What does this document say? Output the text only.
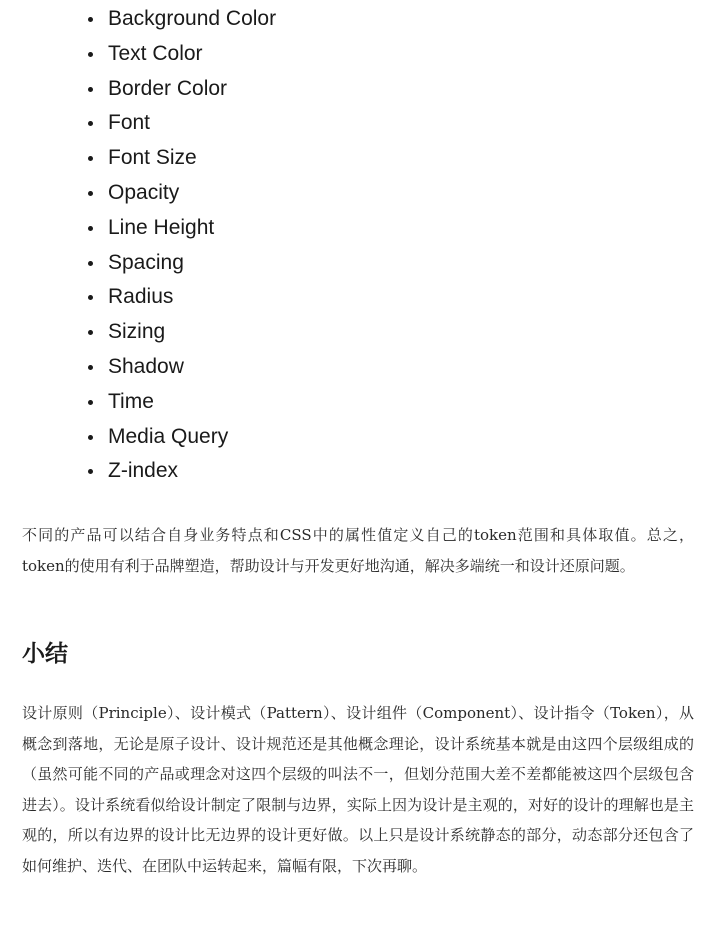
Background Color
Text Color
Border Color
Font
Font Size
Opacity
Line Height
Spacing
Radius
Sizing
Shadow
Time
Media Query
Z-index

不同的产品可以结合自身业务特点和CSS中的属性值定义自己的token范围和具体取值。总之，token的使用有利于品牌塑造，帮助设计与开发更好地沟通，解决多端统一和设计还原问题。

小结

设计原则（Principle）、设计模式（Pattern）、设计组件（Component）、设计指令（Token），从概念到落地，无论是原子设计、设计规范还是其他概念理论，设计系统基本就是由这四个层级组成的（虽然可能不同的产品或理念对这四个层级的叫法不一，但划分范围大差不差都能被这四个层级包含进去）。设计系统看似给设计制定了限制与边界，实际上因为设计是主观的，对好的设计的理解也是主观的，所以有边界的设计比无边界的设计更好做。以上只是设计系统静态的部分，动态部分还包含了如何维护、迭代、在团队中运转起来，篇幅有限，下次再聊。
